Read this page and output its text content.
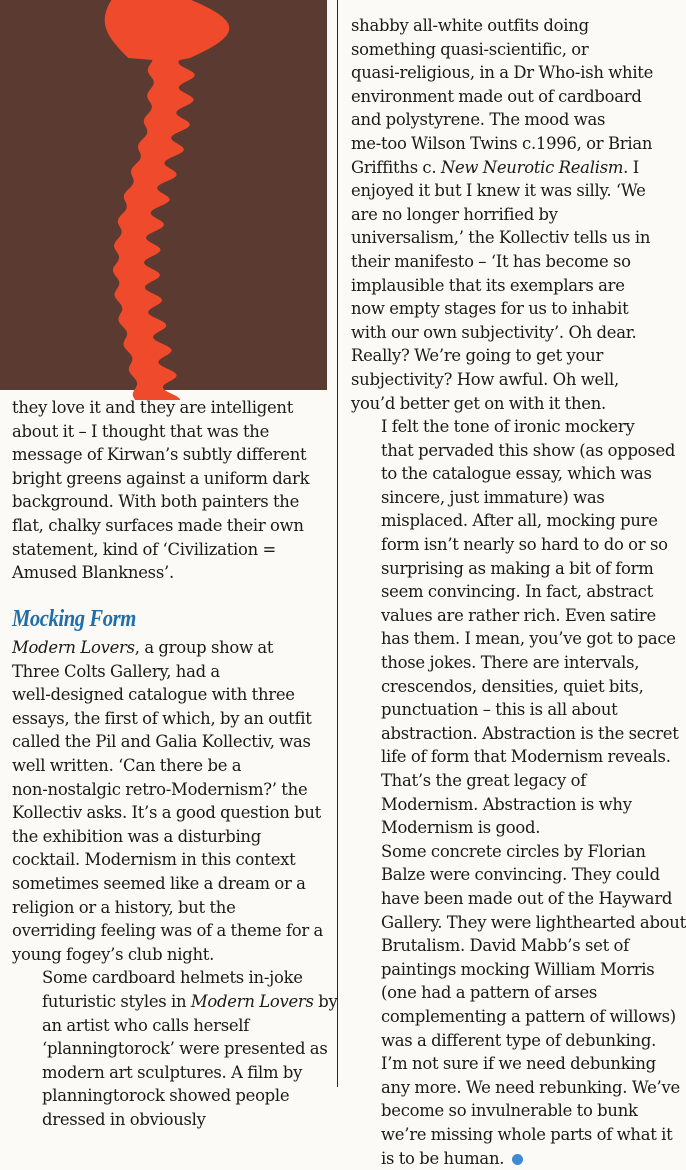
they love it and they are intelligent
about it – I thought that was the
message of Kirwan’s subtly different
bright greens against a uniform dark
background. With both painters the
flat, chalky surfaces made their own
statement, kind of ‘Civilization =
Amused Blankness’.

Mocking Form

Modern Lovers, a group show at
Three Colts Gallery, had a
well-designed catalogue with three
essays, the first of which, by an outfit
called the Pil and Galia Kollectiv, was
well written. ‘Can there be a
non-nostalgic retro-Modernism?’ the
Kollectiv asks. It’s a good question but
the exhibition was a disturbing
cocktail. Modernism in this context
sometimes seemed like a dream or a
religion or a history, but the
overriding feeling was of a theme for a
young fogey’s club night.

Some cardboard helmets in-joke
futuristic styles in Modern Lovers by
an artist who calls herself
‘planningtorock’ were presented as
modern art sculptures. A film by
planningtorock showed people
dressed in obviously

shabby all-white outfits doing
something quasi-scientific, or
quasi-religious, in a Dr Who-ish white
environment made out of cardboard
and polystyrene. The mood was
me-too Wilson Twins c.1996, or Brian
Griffiths c. New Neurotic Realism. I
enjoyed it but I knew it was silly. ‘We
are no longer horrified by
universalism,’ the Kollectiv tells us in
their manifesto – ‘It has become so
implausible that its exemplars are
now empty stages for us to inhabit
with our own subjectivity’. Oh dear.
Really? We’re going to get your
subjectivity? How awful. Oh well,
you’d better get on with it then.

I felt the tone of ironic mockery
that pervaded this show (as opposed
to the catalogue essay, which was
sincere, just immature) was
misplaced. After all, mocking pure
form isn’t nearly so hard to do or so
surprising as making a bit of form
seem convincing. In fact, abstract
values are rather rich. Even satire
has them. I mean, you’ve got to pace
those jokes. There are intervals,
crescendos, densities, quiet bits,
punctuation – this is all about
abstraction. Abstraction is the secret
life of form that Modernism reveals.
That’s the great legacy of
Modernism. Abstraction is why
Modernism is good.

Some concrete circles by Florian
Balze were convincing. They could
have been made out of the Hayward
Gallery. They were lighthearted about
Brutalism. David Mabb’s set of
paintings mocking William Morris
(one had a pattern of arses
complementing a pattern of willows)
was a different type of debunking.
I’m not sure if we need debunking
any more. We need rebunking. We’ve
become so invulnerable to bunk
we’re missing whole parts of what it
is to be human.
